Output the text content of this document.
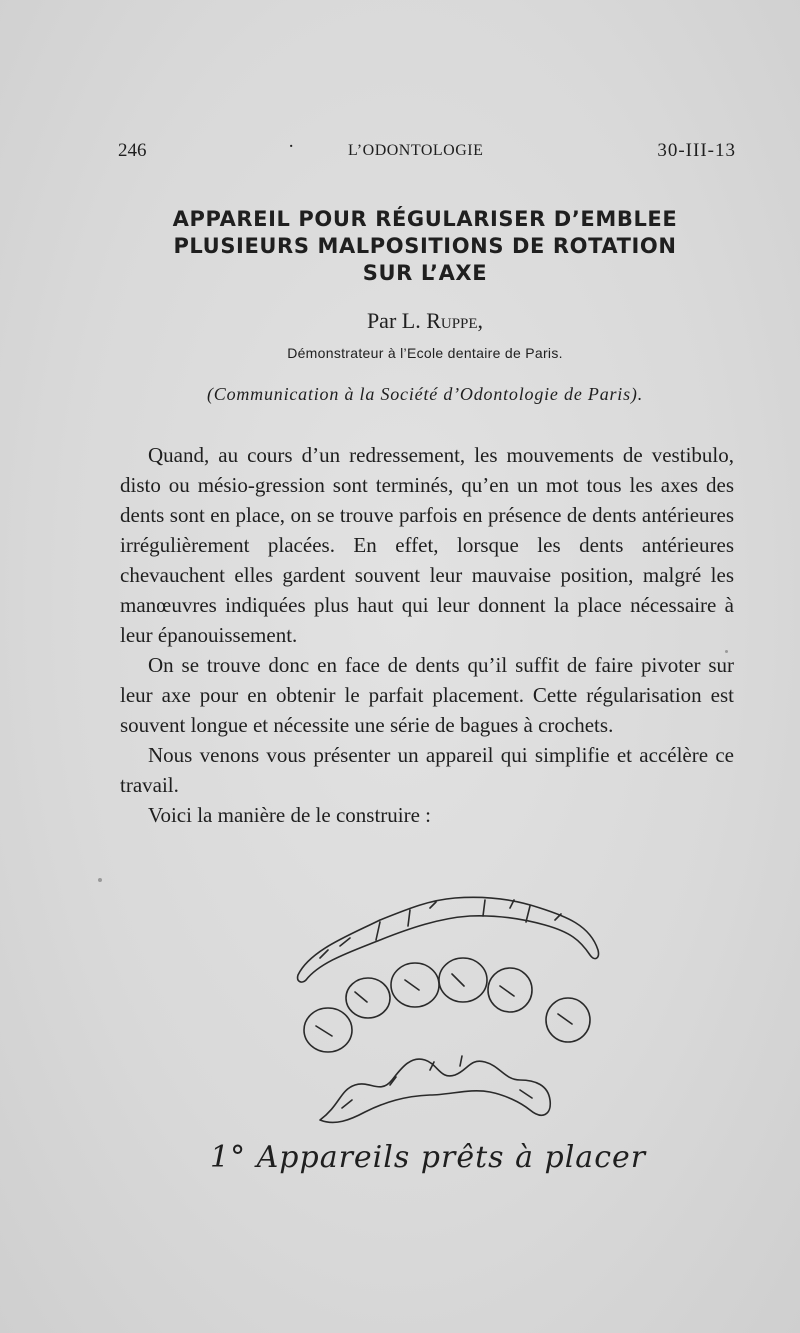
246	·	L’ODONTOLOGIE	30-III-13
APPAREIL POUR RÉGULARISER D’EMBLEE
PLUSIEURS MALPOSITIONS DE ROTATION
SUR L’AXE
Par L. Ruppe,
Démonstrateur à l’Ecole dentaire de Paris.
(Communication à la Société d’Odontologie de Paris).

Quand, au cours d’un redressement, les mouvements de vestibulo, disto ou mésio-gression sont terminés, qu’en un mot tous les axes des dents sont en place, on se trouve parfois en présence de dents antérieures irrégulièrement placées. En effet, lorsque les dents antérieures chevauchent elles gardent souvent leur mauvaise position, malgré les manœuvres indiquées plus haut qui leur donnent la place nécessaire à leur épanouissement.

On se trouve donc en face de dents qu’il suffit de faire pivoter sur leur axe pour en obtenir le parfait placement. Cette régularisation est souvent longue et nécessite une série de bagues à crochets.

Nous venons vous présenter un appareil qui simplifie et accélère ce travail.

Voici la manière de le construire :

1° Appareils prêts à placer
